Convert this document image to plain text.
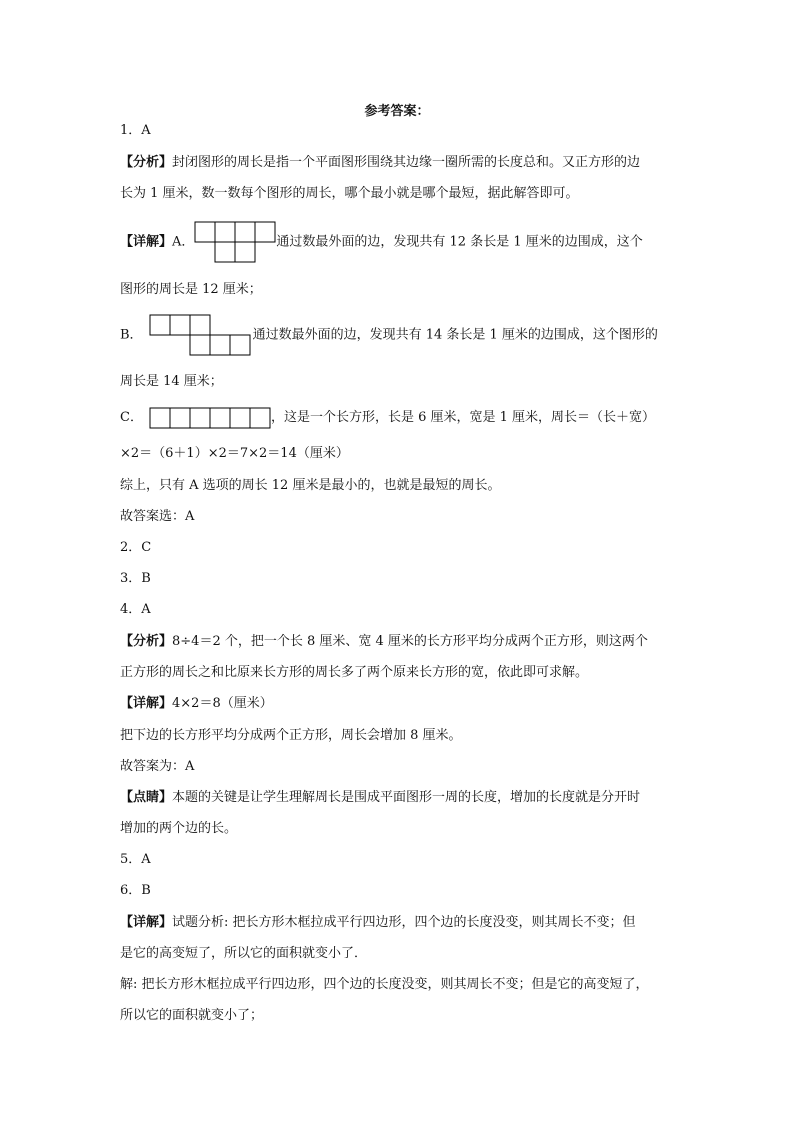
参考答案：
1．A
【分析】封闭图形的周长是指一个平面图形围绕其边缘一圈所需的长度总和。又正方形的边
长为 1 厘米，数一数每个图形的周长，哪个最小就是哪个最短，据此解答即可。
【详解】A．	通过数最外面的边，发现共有 12 条长是 1 厘米的边围成，这个
图形的周长是 12 厘米；
B．	通过数最外面的边，发现共有 14 条长是 1 厘米的边围成，这个图形的
周长是 14 厘米；
C．	，这是一个长方形，长是 6 厘米，宽是 1 厘米，周长＝（长＋宽）
×2＝（6＋1）×2＝7×2＝14（厘米）
综上，只有 A 选项的周长 12 厘米是最小的，也就是最短的周长。
故答案选：A
2．C
3．B
4．A
【分析】8÷4＝2 个，把一个长 8 厘米、宽 4 厘米的长方形平均分成两个正方形，则这两个
正方形的周长之和比原来长方形的周长多了两个原来长方形的宽，依此即可求解。
【详解】4×2＝8（厘米）
把下边的长方形平均分成两个正方形，周长会增加 8 厘米。
故答案为：A
【点睛】本题的关键是让学生理解周长是围成平面图形一周的长度，增加的长度就是分开时
增加的两个边的长。
5．A
6．B
【详解】试题分析: 把长方形木框拉成平行四边形，四个边的长度没变，则其周长不变；但
是它的高变短了，所以它的面积就变小了．
解: 把长方形木框拉成平行四边形，四个边的长度没变，则其周长不变；但是它的高变短了，
所以它的面积就变小了；
